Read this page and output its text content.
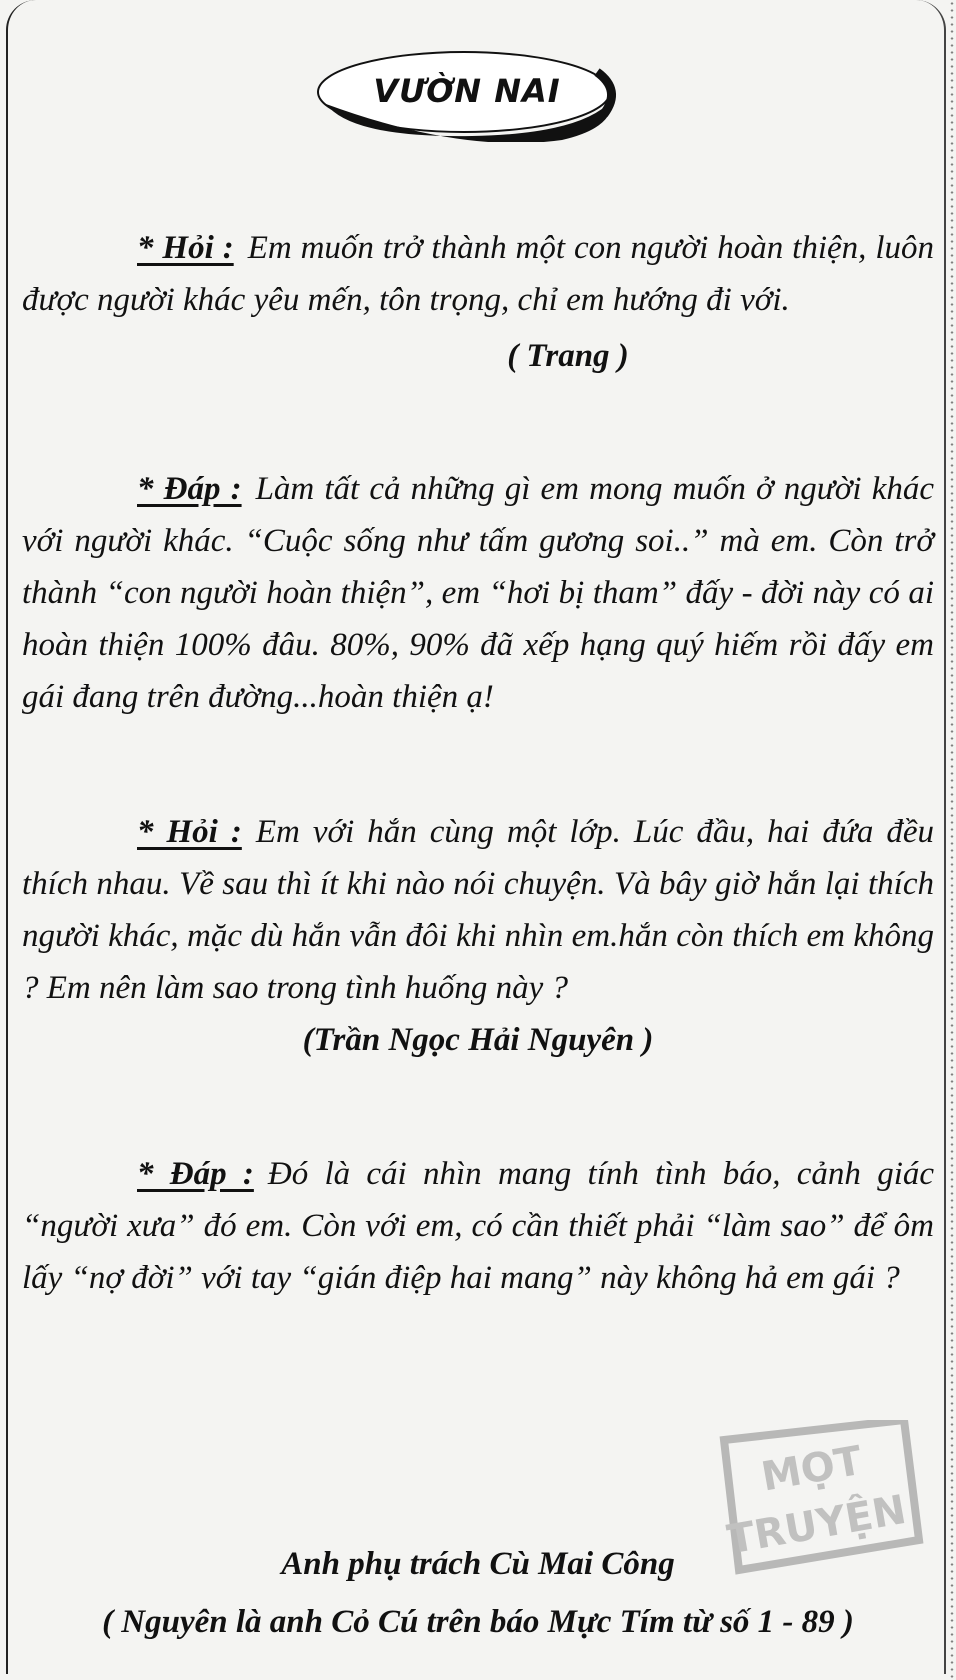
VƯỜN NAI

* Hỏi : Em muốn trở thành một con người hoàn thiện, luôn được người khác yêu mến, tôn trọng, chỉ em hướng đi với.

( Trang )

* Đáp : Làm tất cả những gì em mong muốn ở người khác với người khác. “Cuộc sống như tấm gương soi..” mà em. Còn trở thành “con người hoàn thiện”, em “hơi bị tham” đấy - đời này có ai hoàn thiện 100% đâu. 80%, 90% đã xếp hạng quý hiếm rồi đấy em gái đang trên đường...hoàn thiện ạ!

* Hỏi : Em với hắn cùng một lớp. Lúc đầu, hai đứa đều thích nhau. Về sau thì ít khi nào nói chuyện. Và bây giờ hắn lại thích người khác, mặc dù hắn vẫn đôi khi nhìn em.hắn còn thích em không ? Em nên làm sao trong tình huống này ?

(Trần Ngọc Hải Nguyên )

* Đáp : Đó là cái nhìn mang tính tình báo, cảnh giác “người xưa” đó em. Còn với em, có cần thiết phải “làm sao” để ôm lấy “nợ đời” với tay “gián điệp hai mang” này không hả em gái ?

MỌT
TRUYỆN
Anh phụ trách Cù Mai Công
( Nguyên là anh Cỏ Cú trên báo Mực Tím từ số 1 - 89 )
